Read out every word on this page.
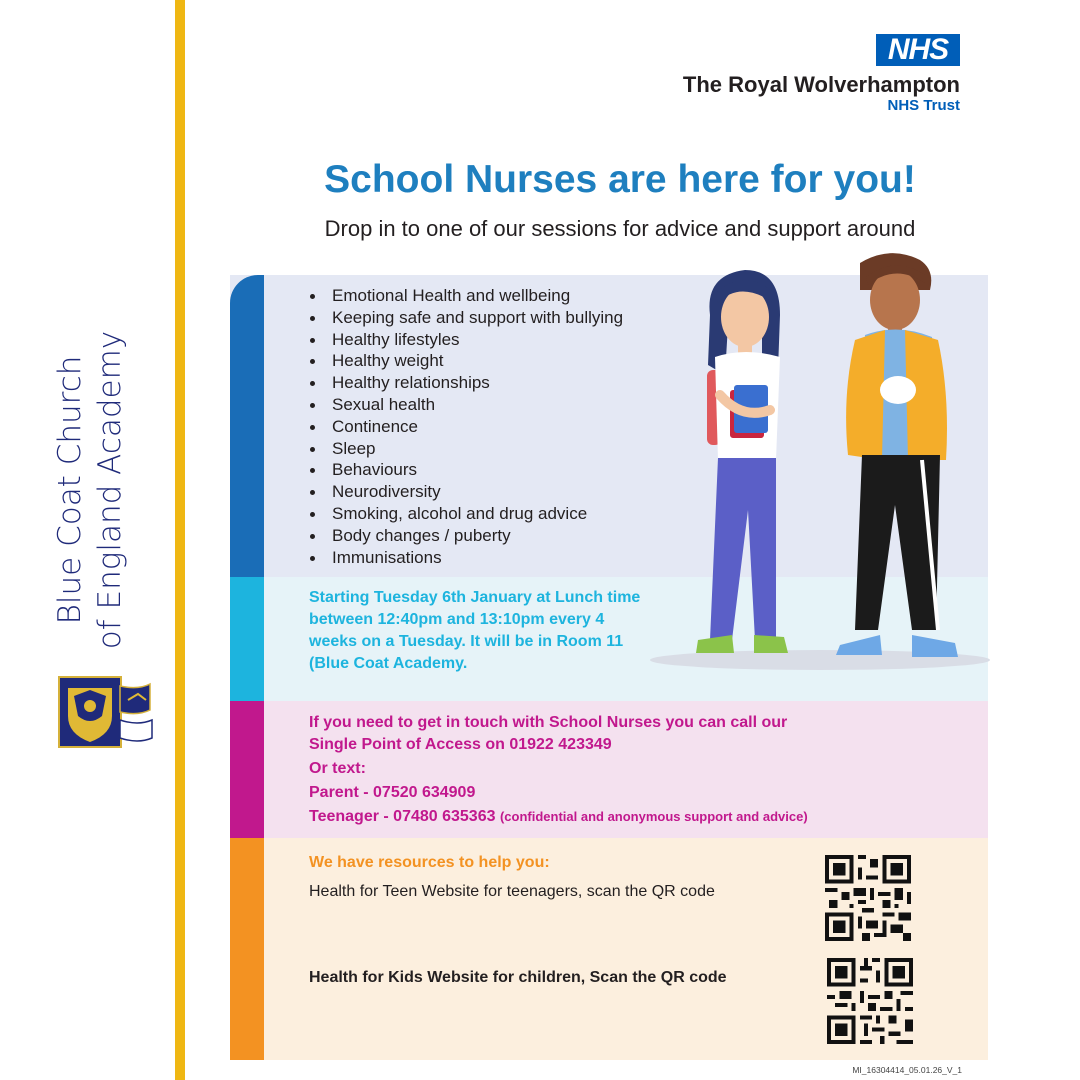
Blue Coat Church of England Academy
NHS
The Royal Wolverhampton
NHS Trust
School Nurses are here for you!
Drop in to one of our sessions for advice and support around
Emotional Health and wellbeing
Keeping safe and support with bullying
Healthy lifestyles
Healthy weight
Healthy relationships
Sexual health
Continence
Sleep
Behaviours
Neurodiversity
Smoking, alcohol and drug advice
Body changes / puberty
Immunisations
Starting Tuesday 6th January at Lunch time between 12:40pm and 13:10pm every 4 weeks on a Tuesday. It will be in Room 11 (Blue Coat Academy.
If you need to get in touch with School Nurses you can call our
Single Point of Access on 01922 423349
Or text:
Parent - 07520 634909
Teenager - 07480 635363 (confidential and anonymous support and advice)
We have resources to help you:
Health for Teen Website for teenagers, scan the QR code
Health for Kids Website for children, Scan the QR code
MI_16304414_05.01.26_V_1
